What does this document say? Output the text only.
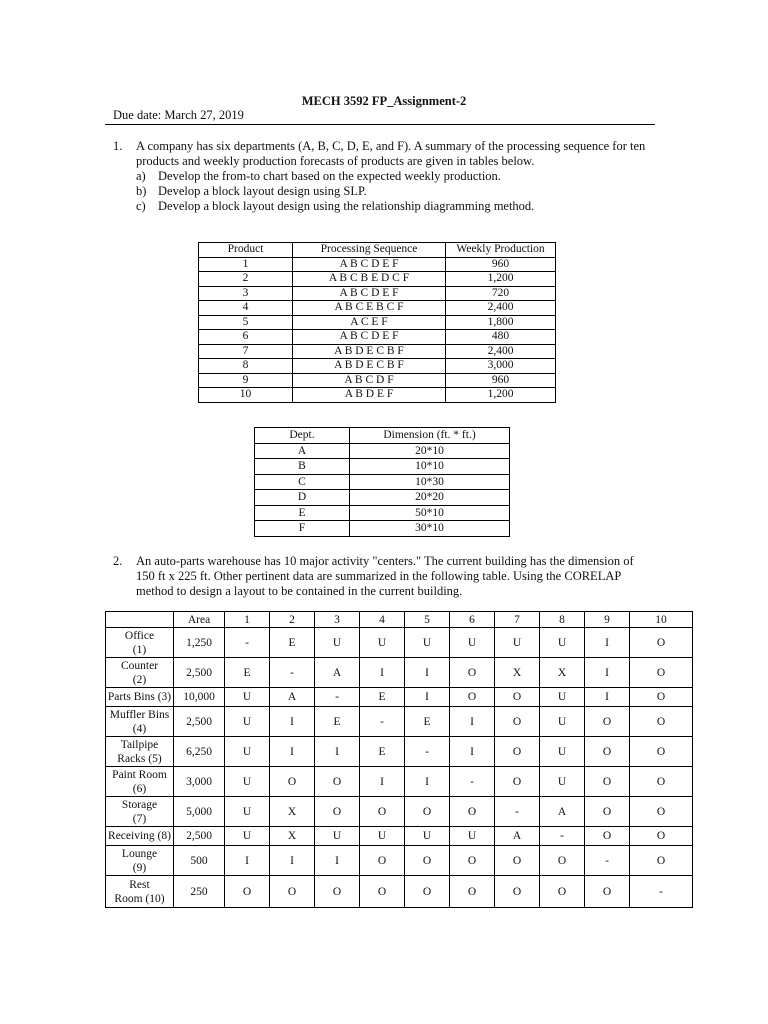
MECH 3592 FP_Assignment-2
Due date: March 27, 2019
1. A company has six departments (A, B, C, D, E, and F). A summary of the processing sequence for ten
products and weekly production forecasts of products are given in tables below.
a) Develop the from-to chart based on the expected weekly production.
b) Develop a block layout design using SLP.
c) Develop a block layout design using the relationship diagramming method.
Product	Processing Sequence	Weekly Production
1	A B C D E F	960
2	A B C B E D C F	1,200
3	A B C D E F	720
4	A B C E B C F	2,400
5	A C E F	1,800
6	A B C D E F	480
7	A B D E C B F	2,400
8	A B D E C B F	3,000
9	A B C D F	960
10	A B D E F	1,200
Dept.	Dimension (ft. * ft.)
A	20*10
B	10*10
C	10*30
D	20*20
E	50*10
F	30*10
2. An auto-parts warehouse has 10 major activity "centers." The current building has the dimension of
150 ft x 225 ft. Other pertinent data are summarized in the following table. Using the CORELAP
method to design a layout to be contained in the current building.
	Area	1	2	3	4	5	6	7	8	9	10
Office
(1)	1,250	-	E	U	U	U	U	U	U	I	O
Counter
(2)	2,500	E	-	A	I	I	O	X	X	I	O
Parts Bins (3)	10,000	U	A	-	E	I	O	O	U	I	O
Muffler Bins
(4)	2,500	U	I	E	-	E	I	O	U	O	O
Tailpipe
Racks (5)	6,250	U	I	I	E	-	I	O	U	O	O
Paint Room
(6)	3,000	U	O	O	I	I	-	O	U	O	O
Storage
(7)	5,000	U	X	O	O	O	O	-	A	O	O
Receiving (8)	2,500	U	X	U	U	U	U	A	-	O	O
Lounge
(9)	500	I	I	I	O	O	O	O	O	-	O
Rest
Room (10)	250	O	O	O	O	O	O	O	O	O	-
